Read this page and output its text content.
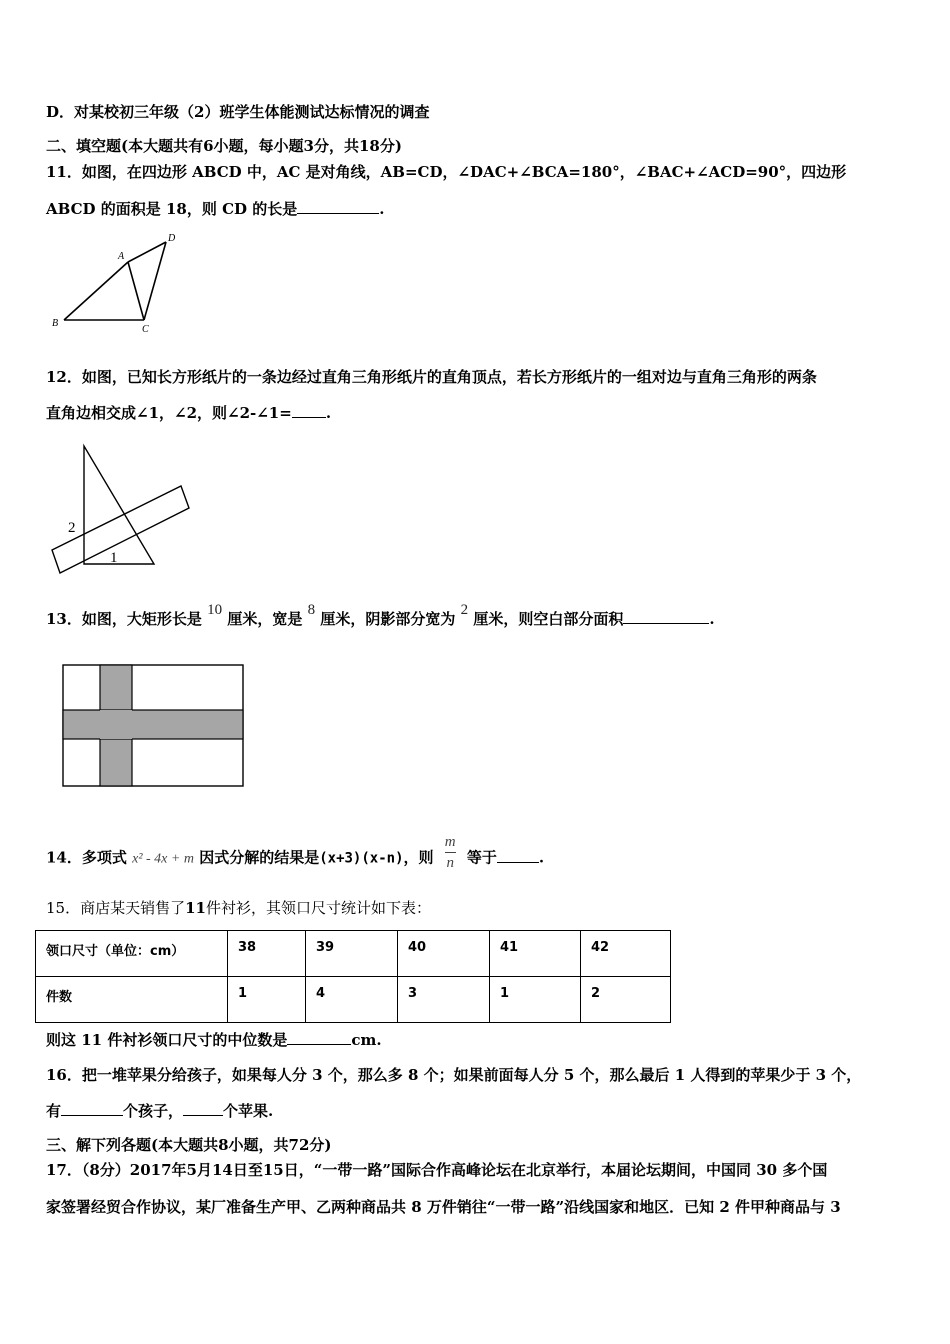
D．对某校初三年级（2）班学生体能测试达标情况的调查
二、填空题(本大题共有6小题，每小题3分，共18分)
11．如图，在四边形 ABCD 中，AC 是对角线，AB=CD，∠DAC+∠BCA=180°，∠BAC+∠ACD=90°，四边形
ABCD 的面积是 18，则 CD 的长是	.
A
B
C
D
12．如图，已知长方形纸片的一条边经过直角三角形纸片的直角顶点，若长方形纸片的一组对边与直角三角形的两条
直角边相交成∠1，∠2，则∠2-∠1= .
2
1
13．如图，大矩形长是 10 厘米，宽是 8 厘米，阴影部分宽为 2 厘米，则空白部分面积	.
14．多项式 x² - 4x + m 因式分解的结果是(x+3)(x-n)，则 $\frac{m}{n}$ 等于	.
15．商店某天销售了11件衬衫，其领口尺寸统计如下表：
领口尺寸（单位：cm）	38	39	40	41	42
件数	1	4	3	1	2
则这 11 件衬衫领口尺寸的中位数是	cm.
16．把一堆苹果分给孩子，如果每人分 3 个，那么多 8 个；如果前面每人分 5 个，那么最后 1 人得到的苹果少于 3 个，
有	个孩子，	个苹果.
三、解下列各题(本大题共8小题，共72分)
17．（8分）2017年5月14日至15日，“一带一路”国际合作高峰论坛在北京举行，本届论坛期间，中国同 30 多个国
家签署经贸合作协议，某厂准备生产甲、乙两种商品共 8 万件销往“一带一路”沿线国家和地区．已知 2 件甲种商品与 3
